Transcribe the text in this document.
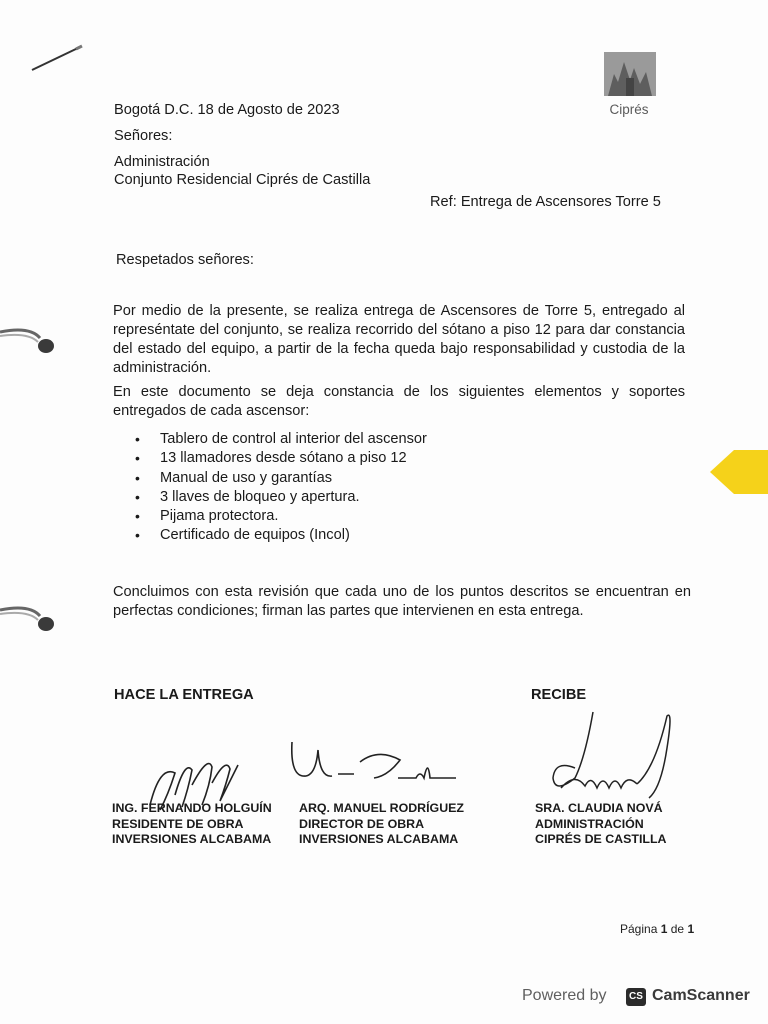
Ciprés
Bogotá D.C. 18 de Agosto de 2023
Señores:
Administración
Conjunto Residencial Ciprés de Castilla
Ref: Entrega de Ascensores Torre 5
Respetados señores:
Por medio de la presente, se realiza entrega de Ascensores de Torre 5, entregado al represéntate del conjunto, se realiza recorrido del sótano a piso 12 para dar constancia del estado del equipo, a partir de la fecha queda bajo responsabilidad y custodia de la administración.
En este documento se deja constancia de los siguientes elementos y soportes entregados de cada ascensor:
• Tablero de control al interior del ascensor
• 13 llamadores desde sótano a piso 12
• Manual de uso y garantías
• 3 llaves de bloqueo y apertura.
• Pijama protectora.
• Certificado de equipos (Incol)
Concluimos con esta revisión que cada uno de los puntos descritos se encuentran en perfectas condiciones; firman las partes que intervienen en esta entrega.
HACE LA ENTREGA	RECIBE
ING. FERNANDO HOLGUÍN
RESIDENTE DE OBRA
INVERSIONES ALCABAMA
ARQ. MANUEL RODRÍGUEZ
DIRECTOR DE OBRA
INVERSIONES ALCABAMA
SRA. CLAUDIA NOVÁ
ADMINISTRACIÓN
CIPRÉS DE CASTILLA
Página 1 de 1
Powered by	CS CamScanner
